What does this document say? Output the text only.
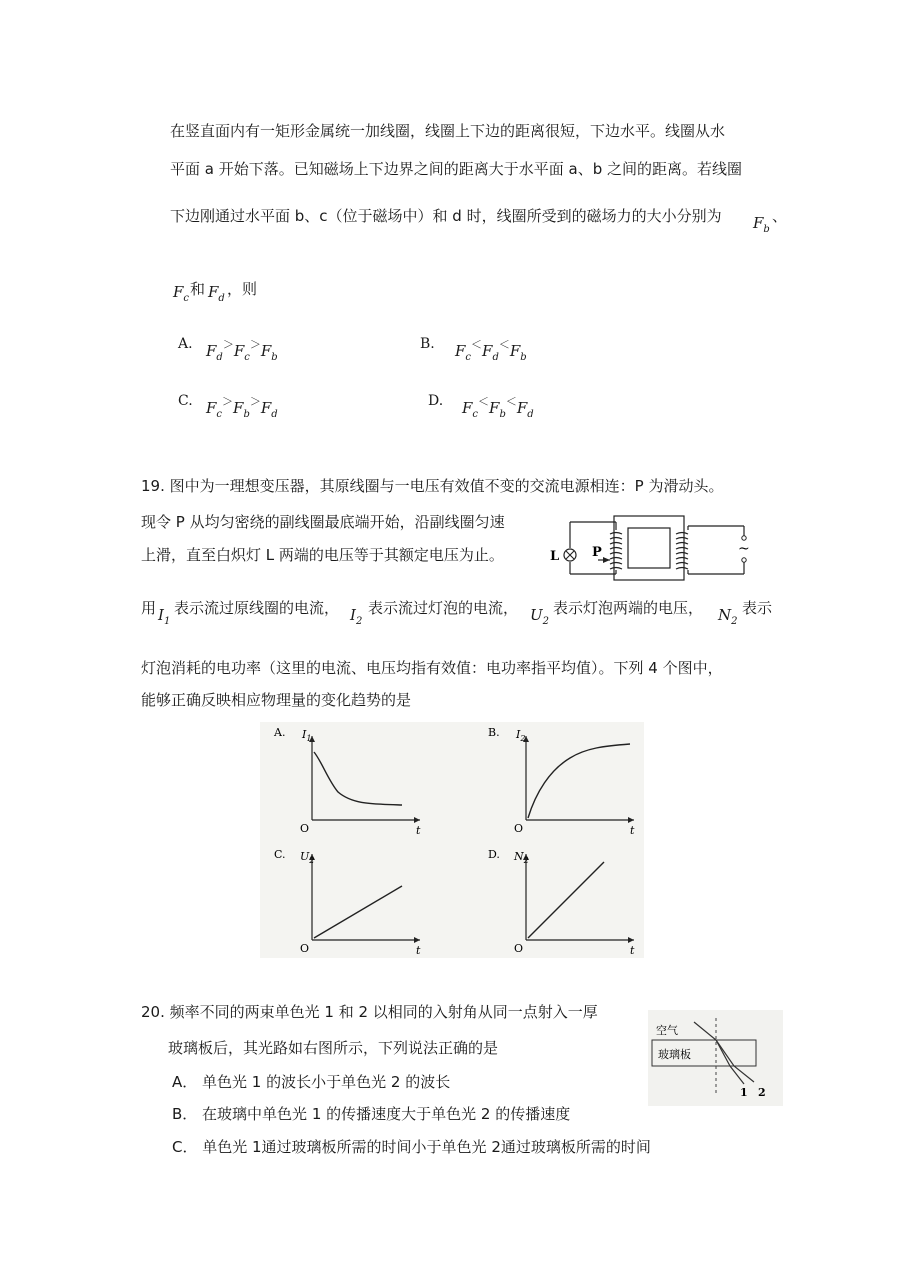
在竖直面内有一矩形金属统一加线圈，线圈上下边的距离很短，下边水平。线圈从水
平面 a 开始下落。已知磁场上下边界之间的距离大于水平面 a、b 之间的距离。若线圈
下边刚通过水平面 b、c（位于磁场中）和 d 时，线圈所受到的磁场力的大小分别为 $F_b$
、
$F_c$
和 $F_d$
，则
A. $F_d^>F_c^>F_b$
B. $F_c^<F_d^<F_b$
C. $F_c^>F_b^>F_d$
D. $F_c^<F_b^<F_d$
19. 图中为一理想变压器，其原线圈与一电压有效值不变的交流电源相连：P 为滑动头。
现令 P 从均匀密绕的副线圈最底端开始，沿副线圈匀速
上滑，直至白炽灯 L 两端的电压等于其额定电压为止。	L	P	~
用 $I_1$
表示流过原线圈的电流， $I_2$
表示流过灯泡的电流， $U_2$
表示灯泡两端的电压， $N_2$
表示
灯泡消耗的电功率（这里的电流、电压均指有效值：电功率指平均值）。下列 4 个图中，
能够正确反映相应物理量的变化趋势的是
A. $I_1$
t
O
B. $I_2$
t
O
C. $U_2$
t
O
D. $N_2$
t
O
20. 频率不同的两束单色光 1 和 2 以相同的入射角从同一点射入一厚
玻璃板后，其光路如右图所示，下列说法正确的是
A． 单色光 1 的波长小于单色光 2 的波长
B． 在玻璃中单色光 1 的传播速度大于单色光 2 的传播速度
C． 单色光 1通过玻璃板所需的时间小于单色光 2通过玻璃板所需的时间
空气
玻璃板
1 2
